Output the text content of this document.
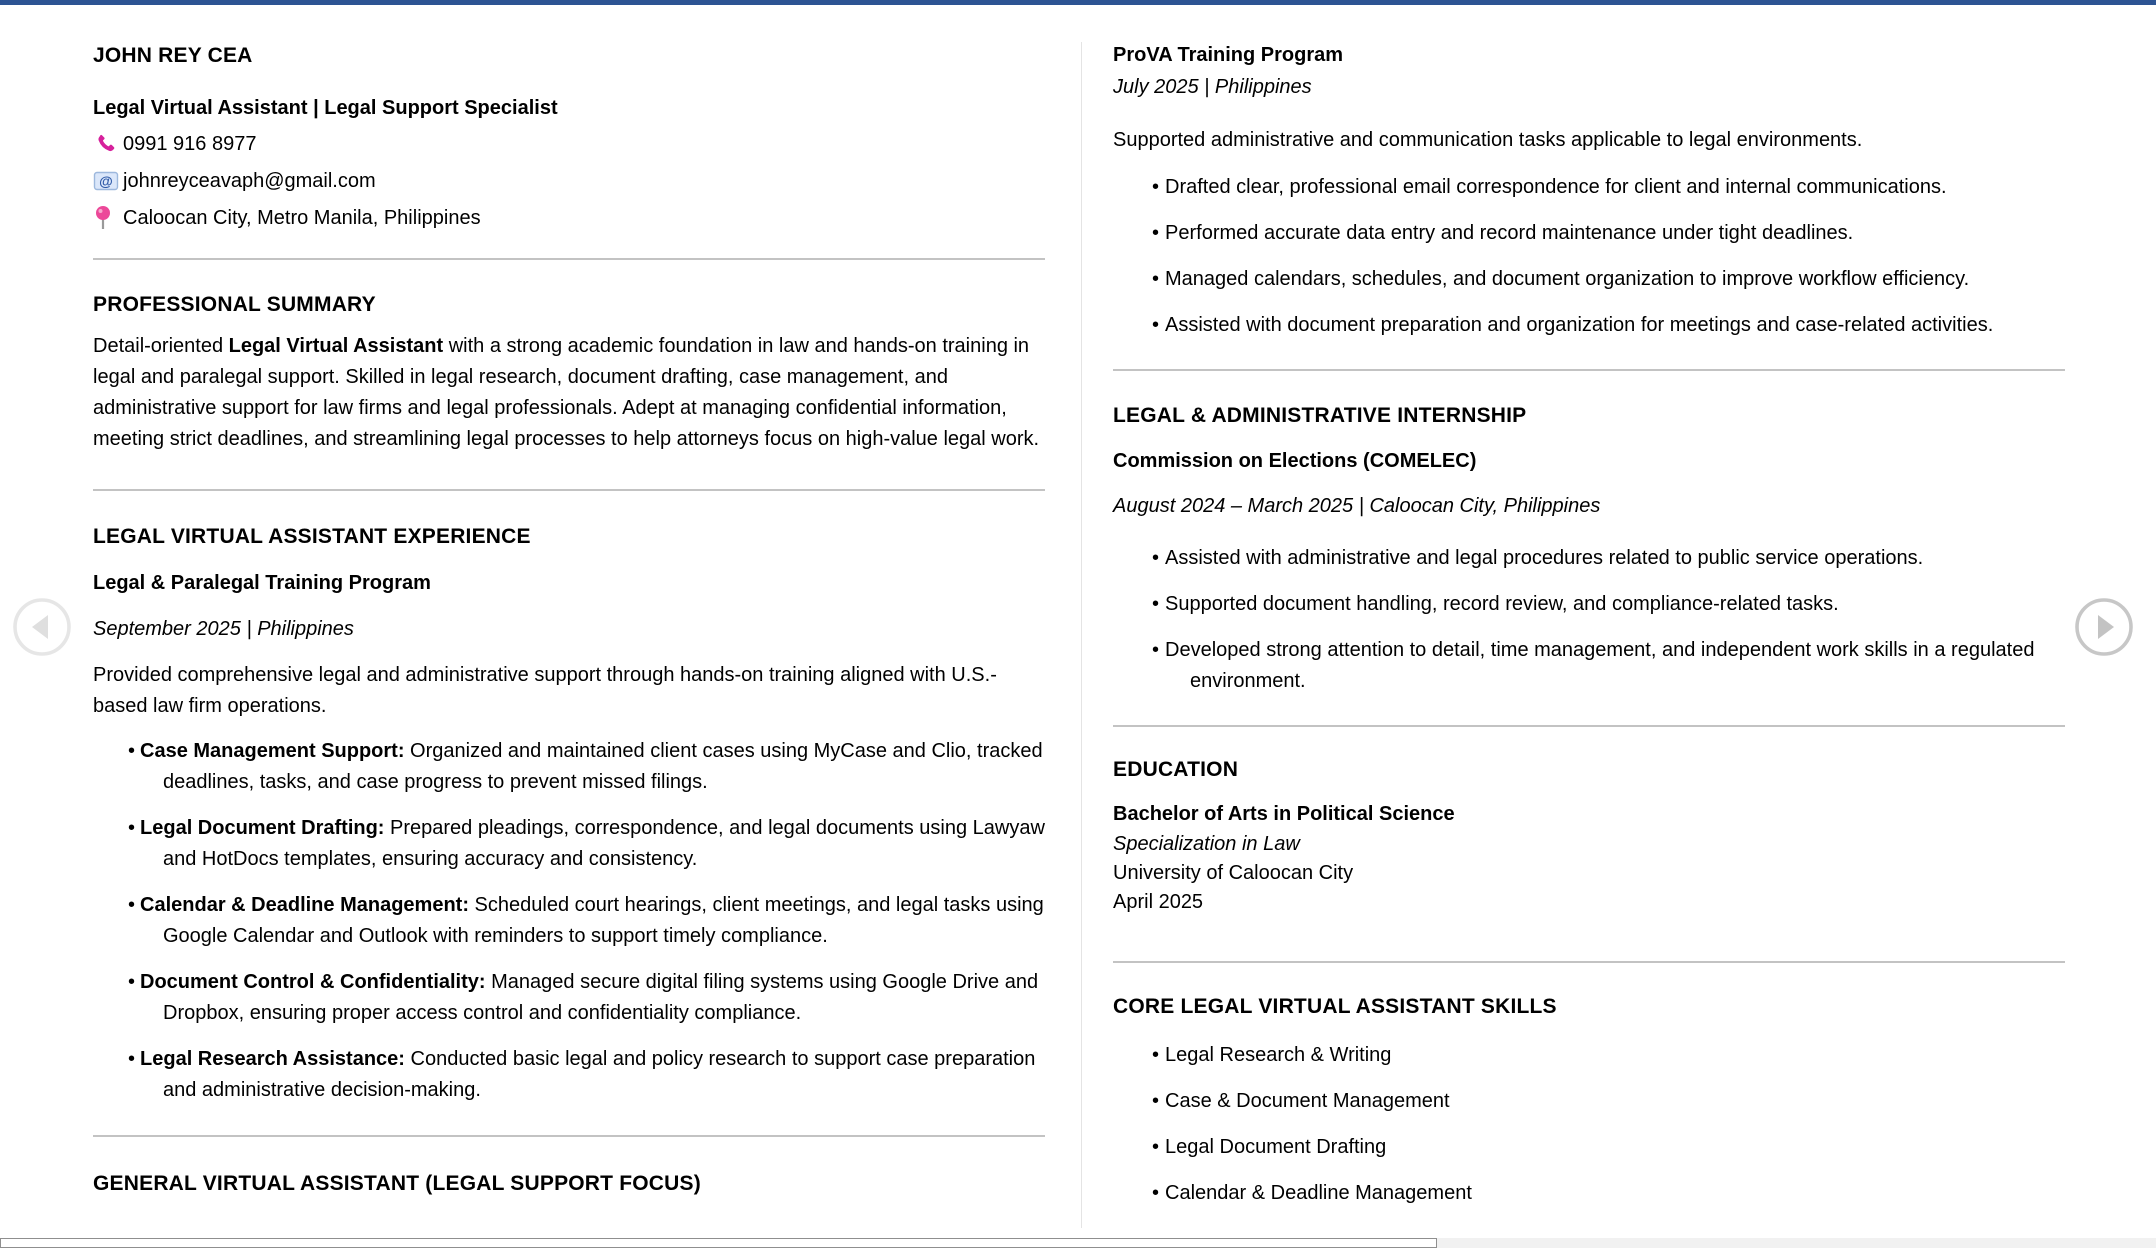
JOHN REY CEA
Legal Virtual Assistant | Legal Support Specialist
0991 916 8977
@ johnreyceavaph@gmail.com
Caloocan City, Metro Manila, Philippines
PROFESSIONAL SUMMARY
Detail-oriented Legal Virtual Assistant with a strong academic foundation in law and hands-on training in legal and paralegal support. Skilled in legal research, document drafting, case management, and administrative support for law firms and legal professionals. Adept at managing confidential information, meeting strict deadlines, and streamlining legal processes to help attorneys focus on high-value legal work.
LEGAL VIRTUAL ASSISTANT EXPERIENCE
Legal & Paralegal Training Program
September 2025 | Philippines
Provided comprehensive legal and administrative support through hands-on training aligned with U.S.-based law firm operations.
• Case Management Support: Organized and maintained client cases using MyCase and Clio, tracked deadlines, tasks, and case progress to prevent missed filings.
• Legal Document Drafting: Prepared pleadings, correspondence, and legal documents using Lawyaw and HotDocs templates, ensuring accuracy and consistency.
• Calendar & Deadline Management: Scheduled court hearings, client meetings, and legal tasks using Google Calendar and Outlook with reminders to support timely compliance.
• Document Control & Confidentiality: Managed secure digital filing systems using Google Drive and Dropbox, ensuring proper access control and confidentiality compliance.
• Legal Research Assistance: Conducted basic legal and policy research to support case preparation and administrative decision-making.
GENERAL VIRTUAL ASSISTANT (LEGAL SUPPORT FOCUS)
ProVA Training Program
July 2025 | Philippines
Supported administrative and communication tasks applicable to legal environments.
• Drafted clear, professional email correspondence for client and internal communications.
• Performed accurate data entry and record maintenance under tight deadlines.
• Managed calendars, schedules, and document organization to improve workflow efficiency.
• Assisted with document preparation and organization for meetings and case-related activities.
LEGAL & ADMINISTRATIVE INTERNSHIP
Commission on Elections (COMELEC)
August 2024 – March 2025 | Caloocan City, Philippines
• Assisted with administrative and legal procedures related to public service operations.
• Supported document handling, record review, and compliance-related tasks.
• Developed strong attention to detail, time management, and independent work skills in a regulated environment.
EDUCATION
Bachelor of Arts in Political Science
Specialization in Law
University of Caloocan City
April 2025
CORE LEGAL VIRTUAL ASSISTANT SKILLS
• Legal Research & Writing
• Case & Document Management
• Legal Document Drafting
• Calendar & Deadline Management
